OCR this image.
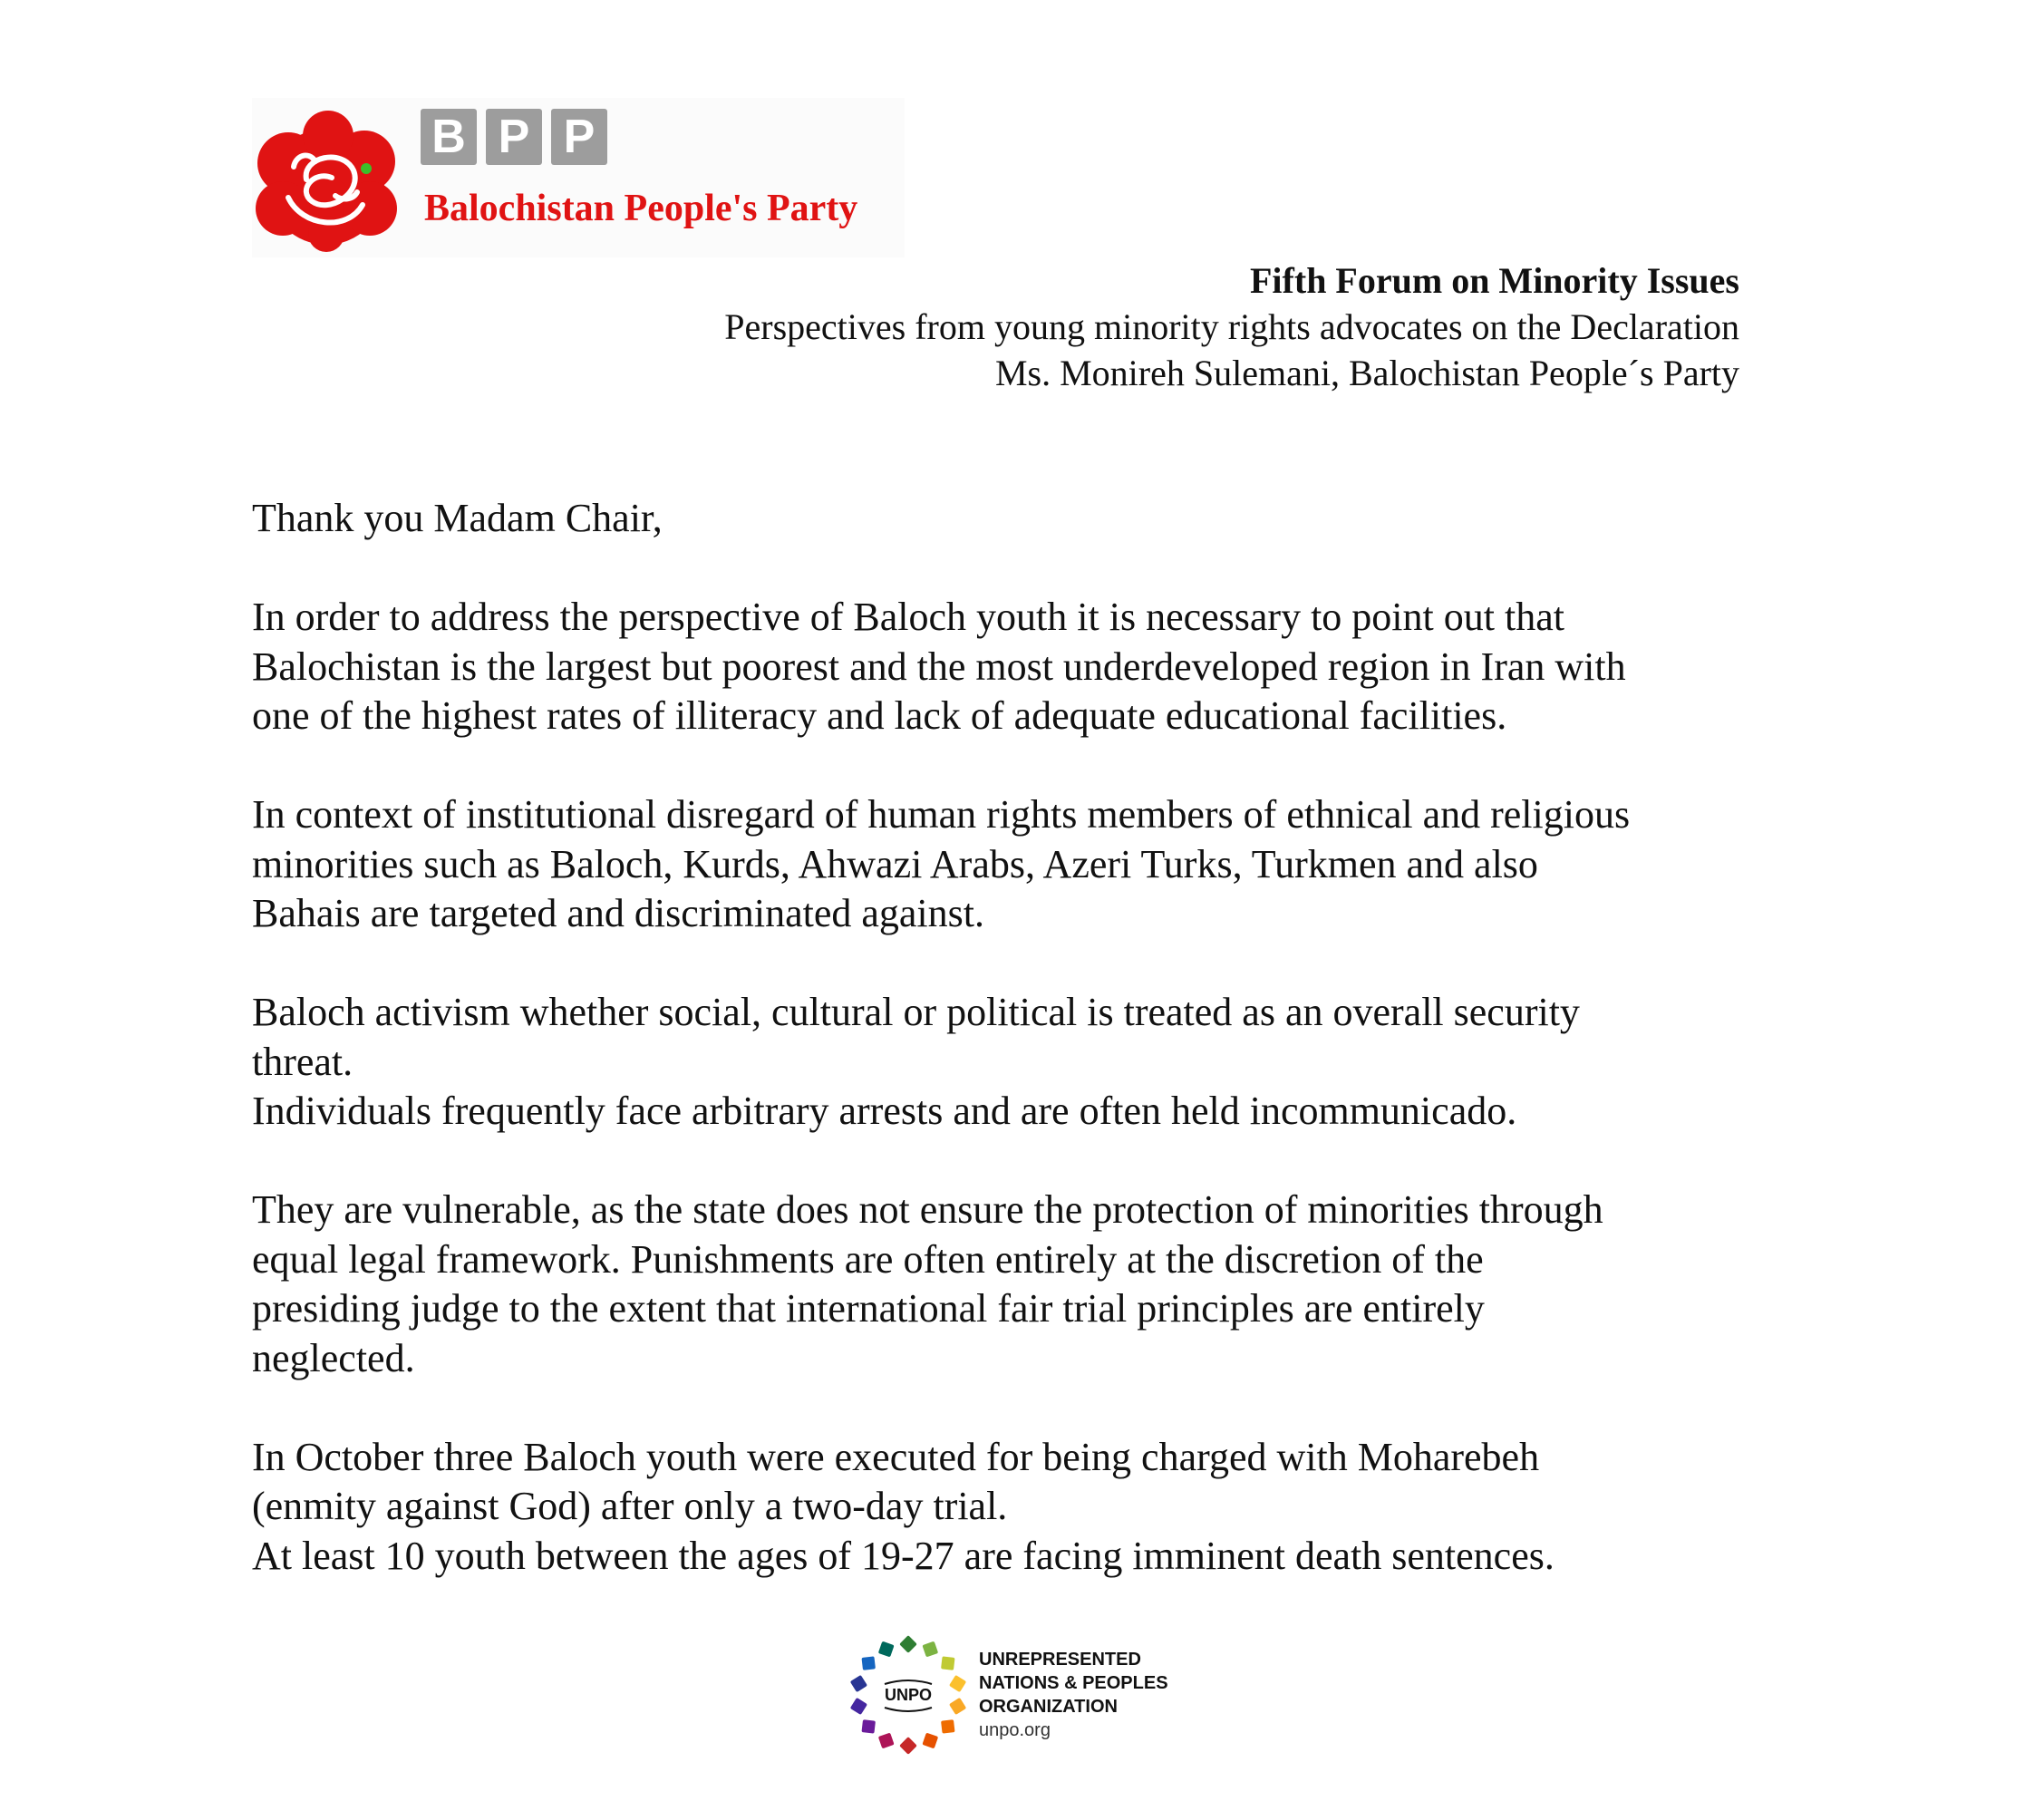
B P P
Balochistan People's Party
Fifth Forum on Minority Issues
Perspectives from young minority rights advocates on the Declaration
Ms. Monireh Sulemani, Balochistan People´s Party

Thank you Madam Chair,

In order to address the perspective of Baloch youth it is necessary to point out that
Balochistan is the largest but poorest and the most underdeveloped region in Iran with
one of the highest rates of illiteracy and lack of adequate educational facilities.

In context of institutional disregard of human rights members of ethnical and religious
minorities such as Baloch, Kurds, Ahwazi Arabs, Azeri Turks, Turkmen and also
Bahais are targeted and discriminated against.

Baloch activism whether social, cultural or political is treated as an overall security
threat.
Individuals frequently face arbitrary arrests and are often held incommunicado.

They are vulnerable, as the state does not ensure the protection of minorities through
equal legal framework. Punishments are often entirely at the discretion of the
presiding judge to the extent that international fair trial principles are entirely
neglected.

In October three Baloch youth were executed for being charged with Moharebeh
(enmity against God) after only a two-day trial.
At least 10 youth between the ages of 19-27 are facing imminent death sentences.

UNPO
UNREPRESENTED
NATIONS & PEOPLES
ORGANIZATION
unpo.org
